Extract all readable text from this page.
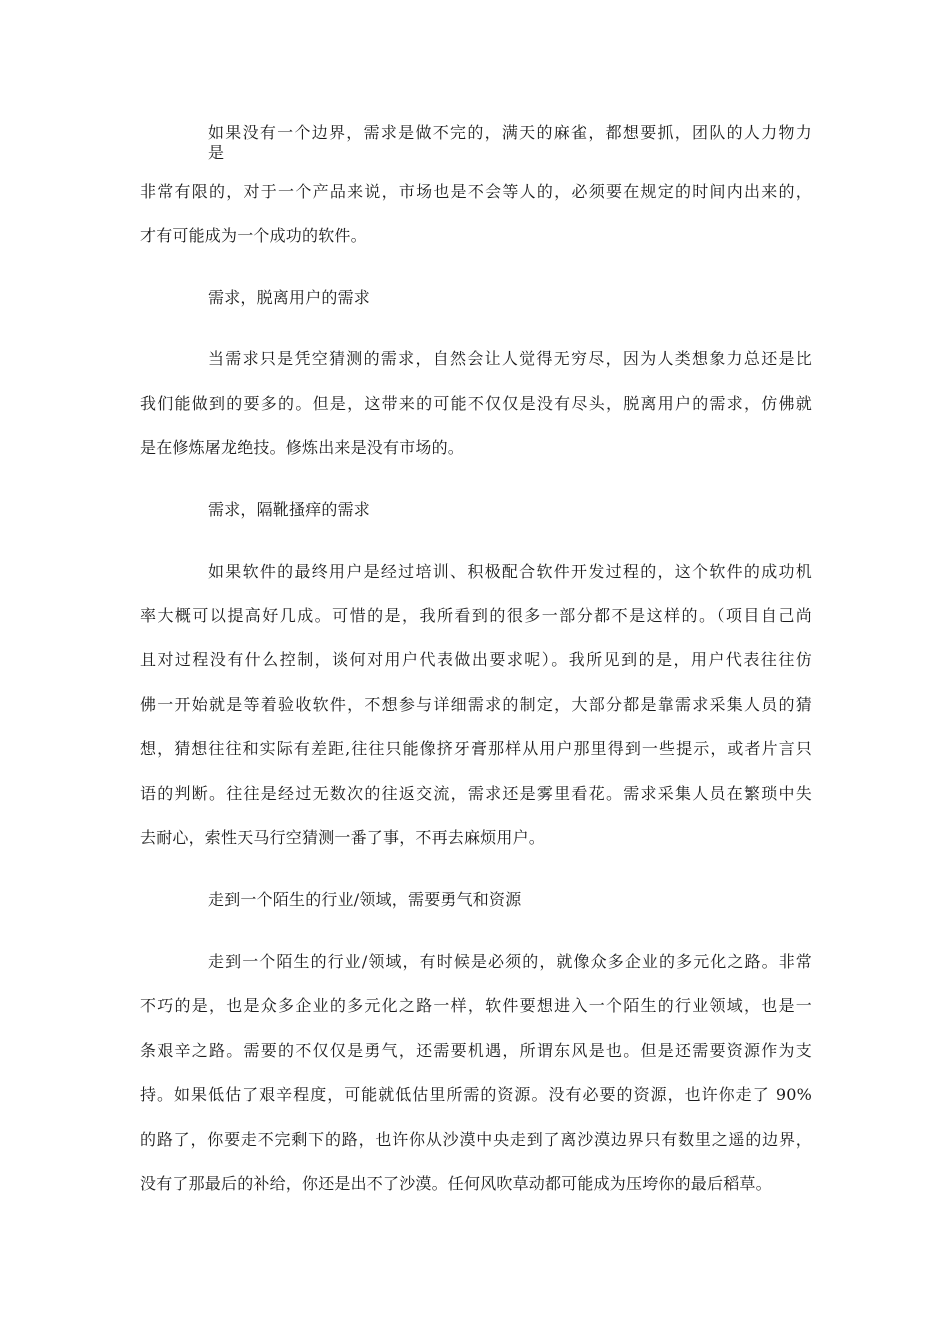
如果没有一个边界，需求是做不完的，满天的麻雀，都想要抓，团队的人力物力
是
非常有限的，对于一个产品来说，市场也是不会等人的，必须要在规定的时间内出来的，
才有可能成为一个成功的软件。
需求，脱离用户的需求
当需求只是凭空猜测的需求，自然会让人觉得无穷尽，因为人类想象力总还是比
我们能做到的要多的。但是，这带来的可能不仅仅是没有尽头，脱离用户的需求，仿佛就
是在修炼屠龙绝技。修炼出来是没有市场的。
需求，隔靴搔痒的需求
如果软件的最终用户是经过培训、积极配合软件开发过程的，这个软件的成功机
率大概可以提高好几成。可惜的是，我所看到的很多一部分都不是这样的。（项目自己尚
且对过程没有什么控制，谈何对用户代表做出要求呢）。我所见到的是，用户代表往往仿
佛一开始就是等着验收软件，不想参与详细需求的制定，大部分都是靠需求采集人员的猜
想，猜想往往和实际有差距,往往只能像挤牙膏那样从用户那里得到一些提示，或者片言只
语的判断。往往是经过无数次的往返交流，需求还是雾里看花。需求采集人员在繁琐中失
去耐心，索性天马行空猜测一番了事，不再去麻烦用户。
走到一个陌生的行业/领域，需要勇气和资源
走到一个陌生的行业/领域，有时候是必须的，就像众多企业的多元化之路。非常
不巧的是，也是众多企业的多元化之路一样，软件要想进入一个陌生的行业领域，也是一
条艰辛之路。需要的不仅仅是勇气，还需要机遇，所谓东风是也。但是还需要资源作为支
持。如果低估了艰辛程度，可能就低估里所需的资源。没有必要的资源，也许你走了 90%
的路了，你要走不完剩下的路，也许你从沙漠中央走到了离沙漠边界只有数里之遥的边界，
没有了那最后的补给，你还是出不了沙漠。任何风吹草动都可能成为压垮你的最后稻草。
